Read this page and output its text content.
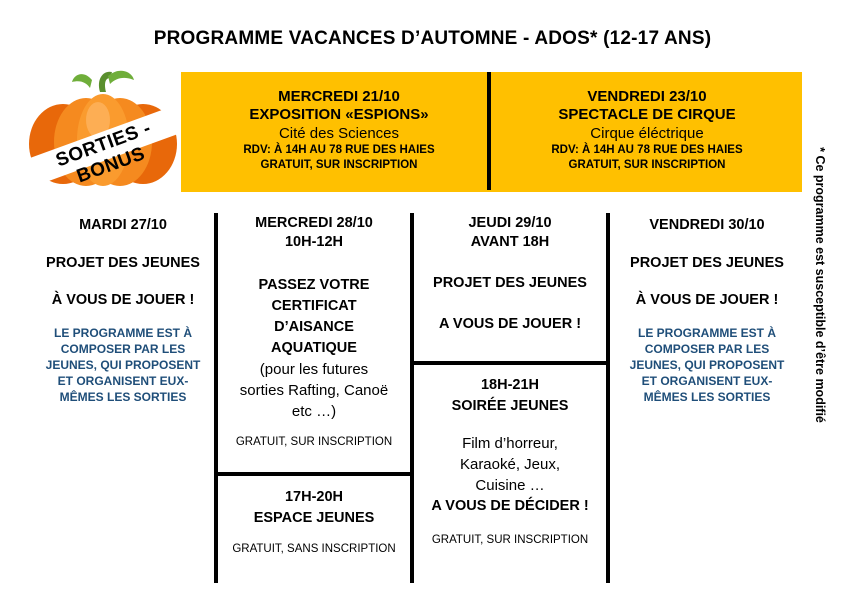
PROGRAMME VACANCES D’AUTOMNE - ADOS* (12-17 ANS)
SORTIES - BONUS
MERCREDI 21/10
EXPOSITION «ESPIONS»
Cité des Sciences
RDV: À 14H AU 78 RUE DES HAIES
GRATUIT, SUR INSCRIPTION
VENDREDI 23/10
SPECTACLE DE CIRQUE
Cirque éléctrique
RDV: À 14H AU 78 RUE DES HAIES
GRATUIT, SUR INSCRIPTION
MARDI 27/10
PROJET DES JEUNES
À VOUS DE JOUER !
LE PROGRAMME EST À
COMPOSER PAR LES
JEUNES, QUI PROPOSENT
ET ORGANISENT EUX-
MÊMES LES SORTIES
MERCREDI 28/10
10H-12H
PASSEZ VOTRE
CERTIFICAT
D’AISANCE
AQUATIQUE
(pour les futures
sorties Rafting, Canoë
etc …)
GRATUIT, SUR INSCRIPTION
17H-20H
ESPACE JEUNES
GRATUIT, SANS INSCRIPTION
JEUDI 29/10
AVANT 18H
PROJET DES JEUNES
A VOUS DE JOUER !
18H-21H
SOIRÉE JEUNES
Film d’horreur,
Karaoké, Jeux,
Cuisine …
A VOUS DE DÉCIDER !
GRATUIT, SUR INSCRIPTION
VENDREDI 30/10
PROJET DES JEUNES
À VOUS DE JOUER !
LE PROGRAMME EST À
COMPOSER PAR LES
JEUNES, QUI PROPOSENT
ET ORGANISENT EUX-
MÊMES LES SORTIES	* Ce programme est susceptible d’être modifié
